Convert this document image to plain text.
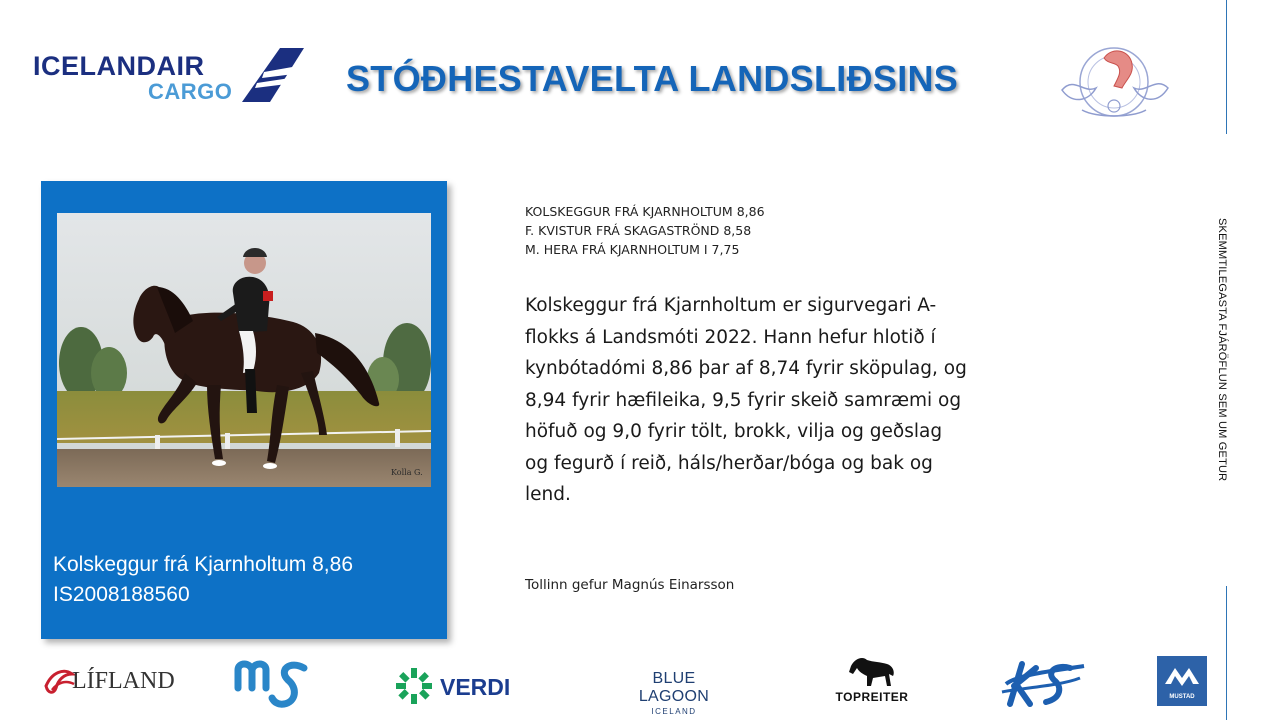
ICELANDAIR
CARGO	STÓÐHESTAVELTA LANDSLIÐSINS
SKEMMTILEGASTA FJÁRÖFLUN SEM UM GETUR
Kolla G.
Kolskeggur frá Kjarnholtum 8,86
IS2008188560
KOLSKEGGUR FRÁ KJARNHOLTUM 8,86
F. KVISTUR FRÁ SKAGASTRÖND 8,58
M. HERA FRÁ KJARNHOLTUM I 7,75
Kolskeggur frá Kjarnholtum er sigurvegari A-
flokks á Landsmóti 2022. Hann hefur hlotið í
kynbótadómi 8,86 þar af 8,74 fyrir sköpulag, og
8,94 fyrir hæfileika, 9,5 fyrir skeið samræmi og
höfuð og 9,0 fyrir tölt, brokk, vilja og geðslag
og fegurð í reið, háls/herðar/bóga og bak og
lend.
Tollinn gefur Magnús Einarsson
LÍFLAND	VERDI	BLUE LAGOON
ICELAND
TOPREITER	MUSTAD
